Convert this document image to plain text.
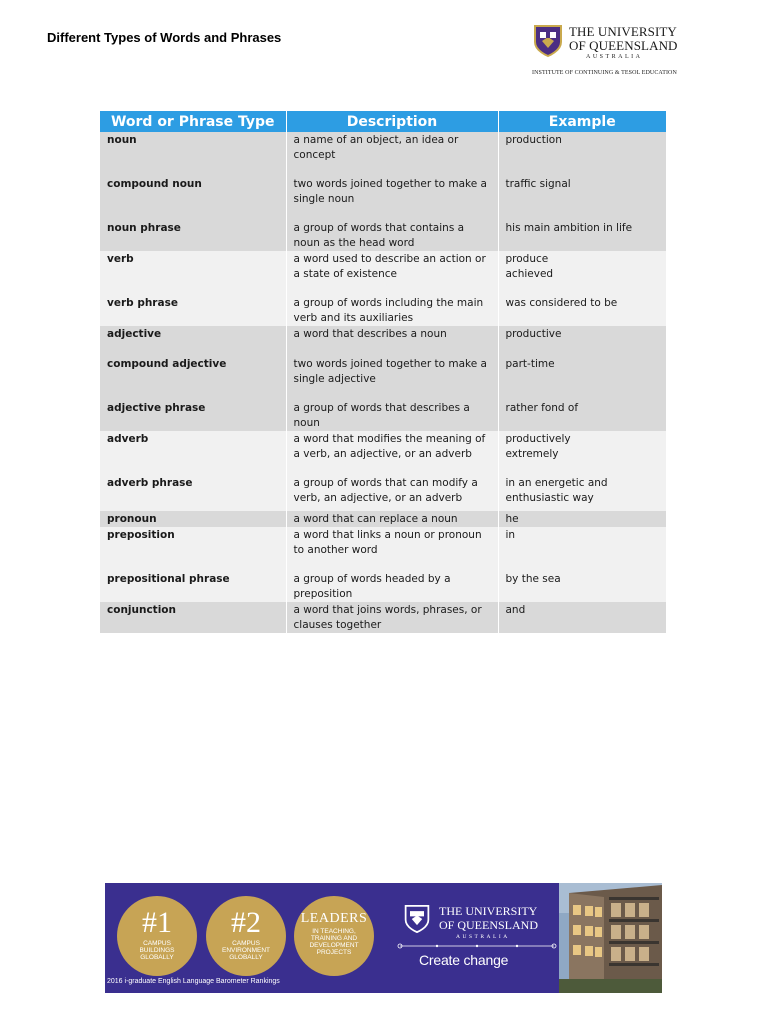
Different Types of Words and Phrases	THE UNIVERSITY
OF QUEENSLAND
AUSTRALIA
INSTITUTE OF CONTINUING & TESOL EDUCATION
Word or Phrase Type	Description	Example
noun	a name of an object, an idea or concept	production
compound noun	two words joined together to make a single noun	traffic signal
noun phrase	a group of words that contains a noun as the head word	his main ambition in life
verb	a word used to describe an action or a state of existence	produce
achieved
verb phrase	a group of words including the main verb and its auxiliaries	was considered to be
adjective	a word that describes a noun	productive
compound adjective	two words joined together to make a single adjective	part-time
adjective phrase	a group of words that describes a noun	rather fond of
adverb	a word that modifies the meaning of a verb, an adjective, or an adverb	productively
extremely
adverb phrase	a group of words that can modify a verb, an adjective, or an adverb	in an energetic and enthusiastic way
pronoun	a word that can replace a noun	he
preposition	a word that links a noun or pronoun to another word	in
prepositional phrase	a group of words headed by a preposition	by the sea
conjunction	a word that joins words, phrases, or clauses together	and
#1
CAMPUS BUILDINGS GLOBALLY
#2
CAMPUS ENVIRONMENT GLOBALLY
LEADERS
IN TEACHING, TRAINING AND DEVELOPMENT PROJECTS
2016 i-graduate English Language Barometer Rankings
THE UNIVERSITY
OF QUEENSLAND
AUSTRALIA
Create change
